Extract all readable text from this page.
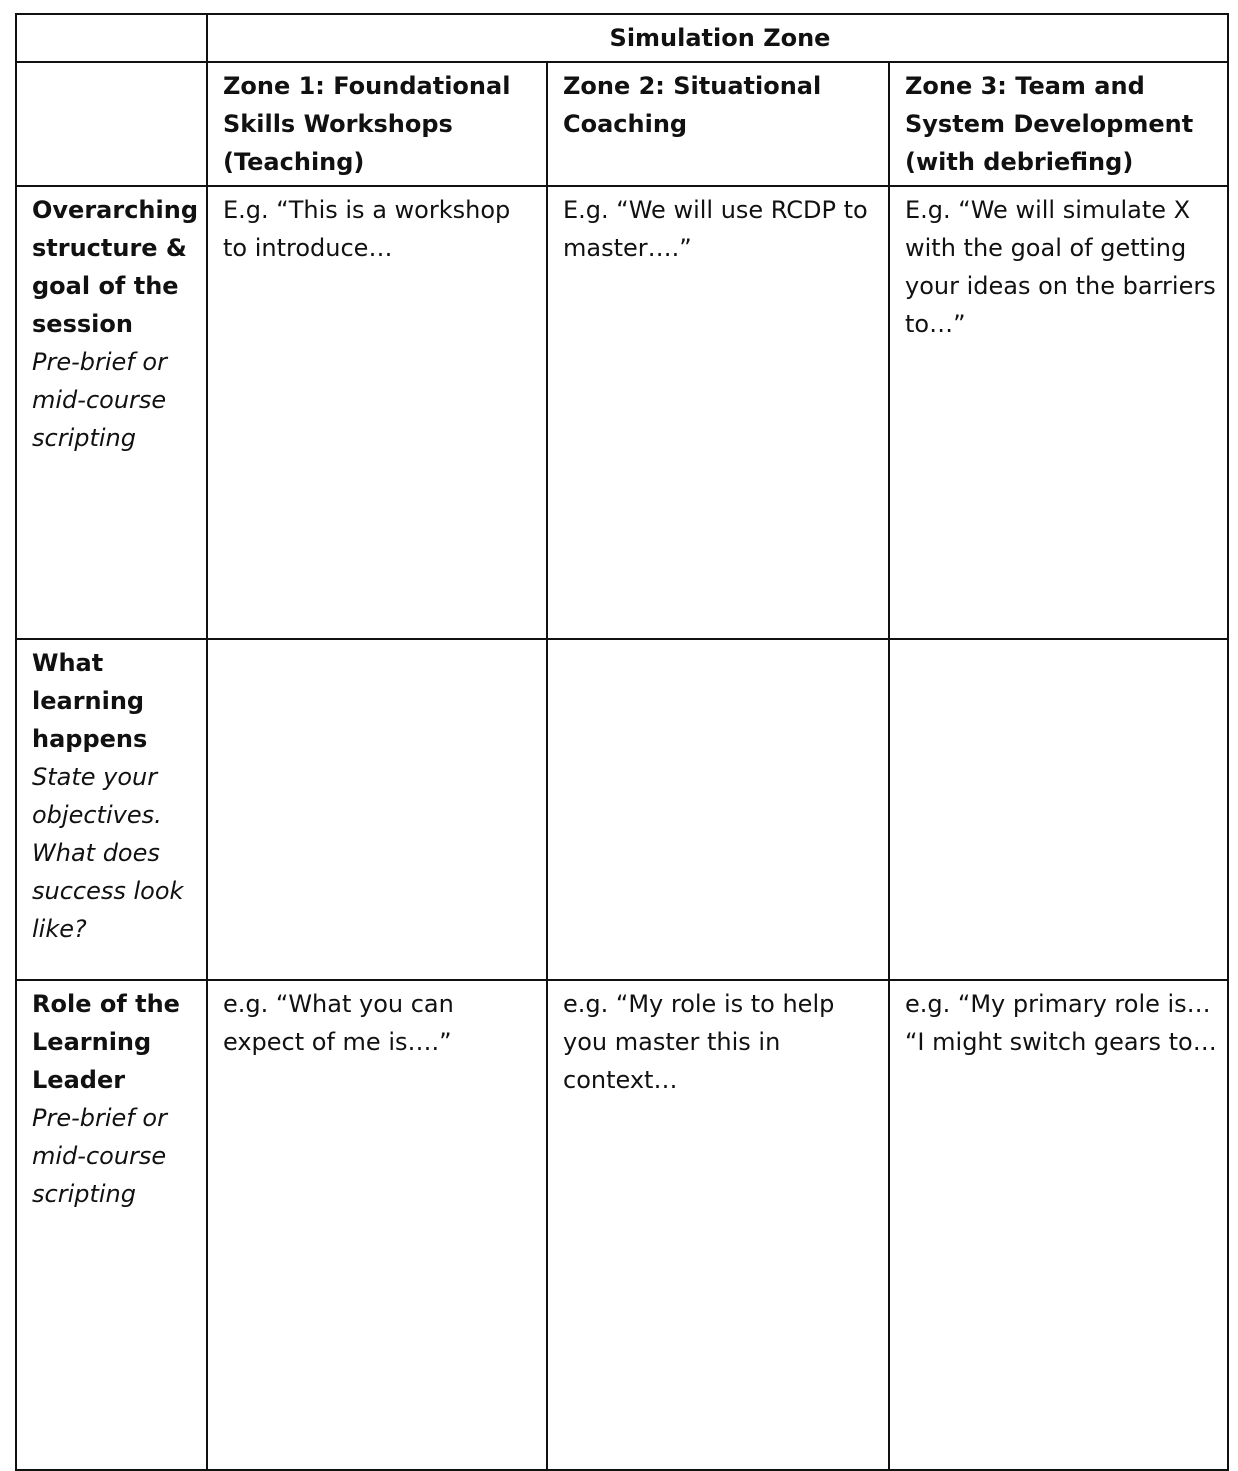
	Simulation Zone		
	Zone 1: Foundational Skills Workshops (Teaching)	Zone 2: Situational Coaching	Zone 3: Team and System Development (with debriefing)

Overarching structure & goal of the session
Pre-brief or mid-course scripting	E.g. “This is a workshop to introduce…	E.g. “We will use RCDP to master….”	E.g. “We will simulate X with the goal of getting your ideas on the barriers to…”

What learning happens
State your objectives. What does success look like?			

Role of the Learning Leader
Pre-brief or mid-course scripting	e.g. “What you can expect of me is….”	e.g. “My role is to help you master this in context…	e.g. “My primary role is… “I might switch gears to…
